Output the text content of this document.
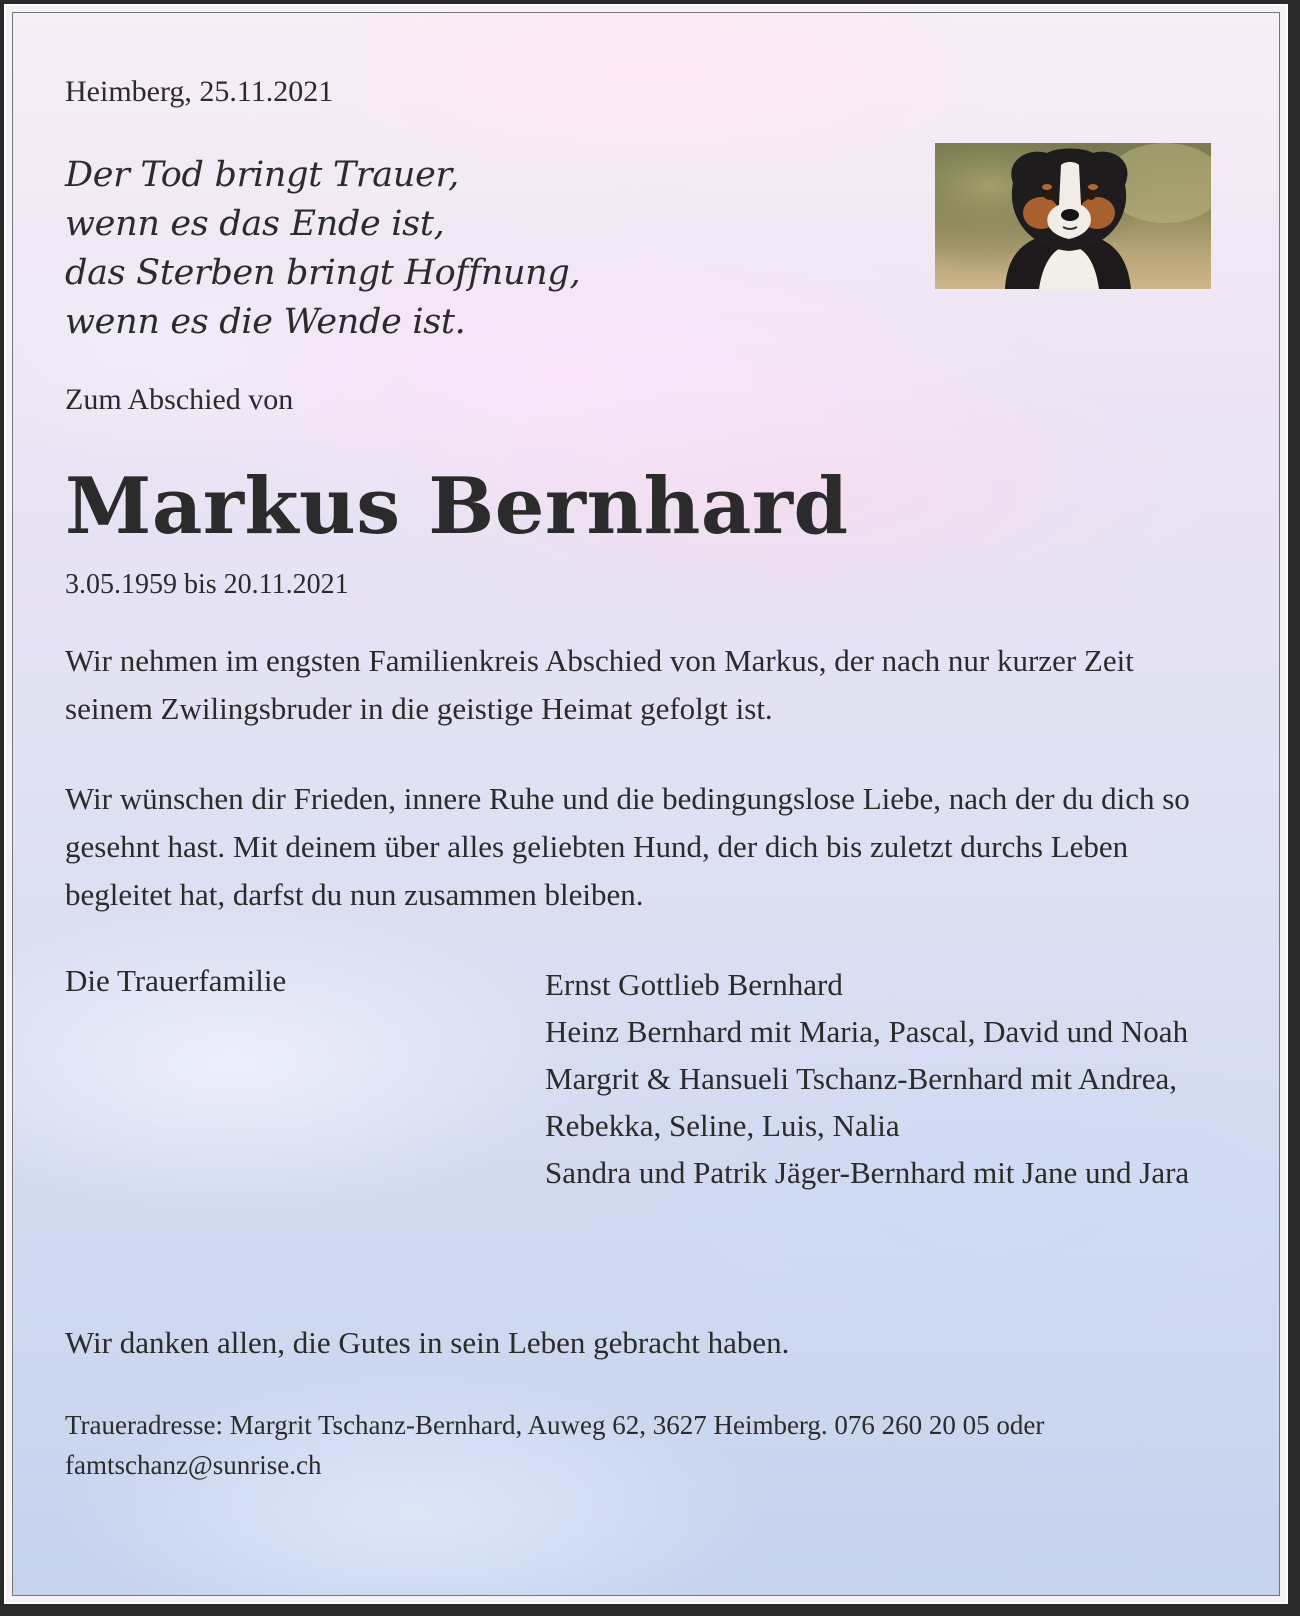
Heimberg, 25.11.2021

Der Tod bringt Trauer,
wenn es das Ende ist,
das Sterben bringt Hoffnung,
wenn es die Wende ist.

Zum Abschied von

Markus Bernhard

3.05.1959 bis 20.11.2021

Wir nehmen im engsten Familienkreis Abschied von Markus, der nach nur kurzer Zeit seinem Zwilingsbruder in die geistige Heimat gefolgt ist.

Wir wünschen dir Frieden, innere Ruhe und die bedingungslose Liebe, nach der du dich so gesehnt hast. Mit deinem über alles geliebten Hund, der dich bis zuletzt durchs Leben begleitet hat, darfst du nun zusammen bleiben.

Die Trauerfamilie	Ernst Gottlieb Bernhard
Heinz Bernhard mit Maria, Pascal, David und Noah
Margrit & Hansueli Tschanz-Bernhard mit Andrea, Rebekka, Seline, Luis, Nalia
Sandra und Patrik Jäger-Bernhard mit Jane und Jara

Wir danken allen, die Gutes in sein Leben gebracht haben.

Traueradresse: Margrit Tschanz-Bernhard, Auweg 62, 3627 Heimberg. 076 260 20 05 oder famtschanz@sunrise.ch
